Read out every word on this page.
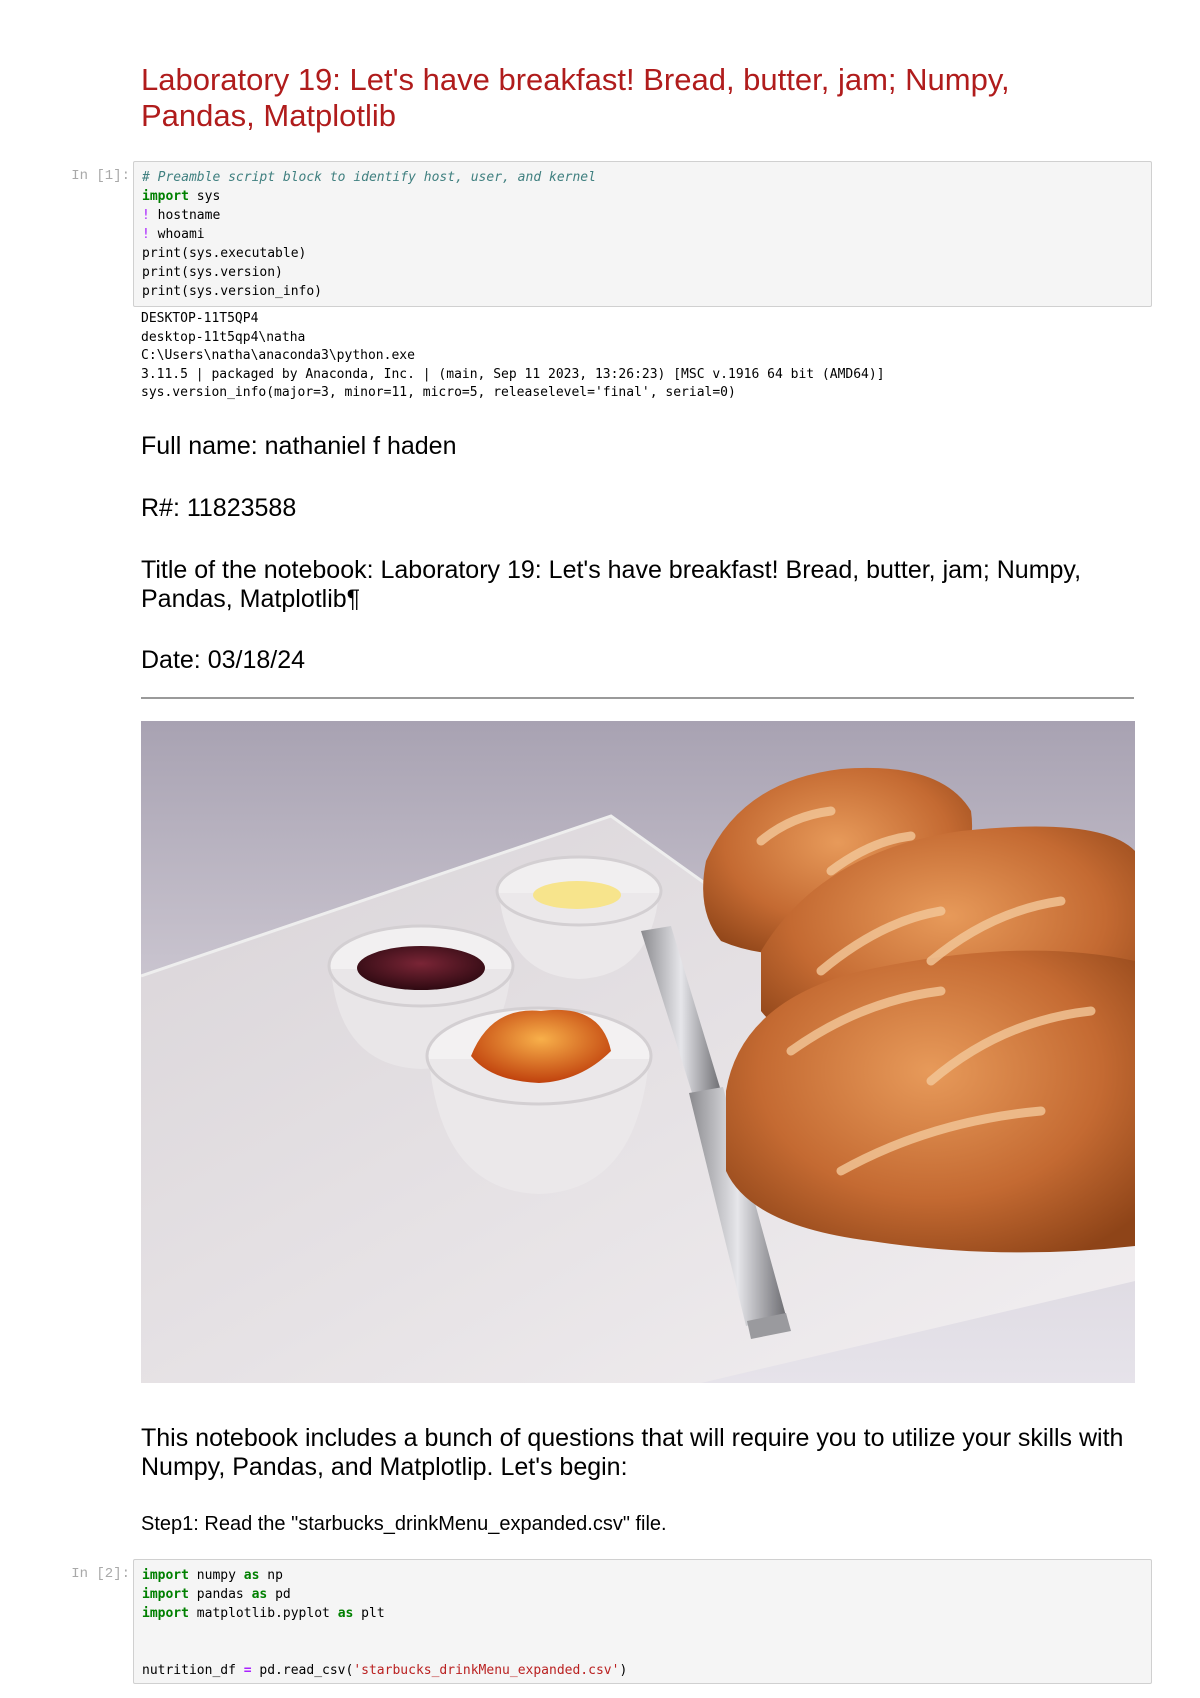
Laboratory 19: Let's have breakfast! Bread, butter, jam; Numpy, Pandas, Matplotlib
In [1]: # Preamble script block to identify host, user, and kernel
import sys
! hostname
! whoami
print(sys.executable)
print(sys.version)
print(sys.version_info)
DESKTOP-11T5QP4
desktop-11t5qp4\natha
C:\Users\natha\anaconda3\python.exe
3.11.5 | packaged by Anaconda, Inc. | (main, Sep 11 2023, 13:26:23) [MSC v.1916 64 bit (AMD64)]
sys.version_info(major=3, minor=11, micro=5, releaselevel='final', serial=0)

Full name: nathaniel f haden

R#: 11823588

Title of the notebook: Laboratory 19: Let's have breakfast! Bread, butter, jam; Numpy, Pandas, Matplotlib¶

Date: 03/18/24

This notebook includes a bunch of questions that will require you to utilize your skills with Numpy, Pandas, and Matplotlip. Let's begin:

Step1: Read the "starbucks_drinkMenu_expanded.csv" file.

In [2]: import numpy as np
import pandas as pd
import matplotlib.pyplot as plt
nutrition_df = pd.read_csv('starbucks_drinkMenu_expanded.csv')
